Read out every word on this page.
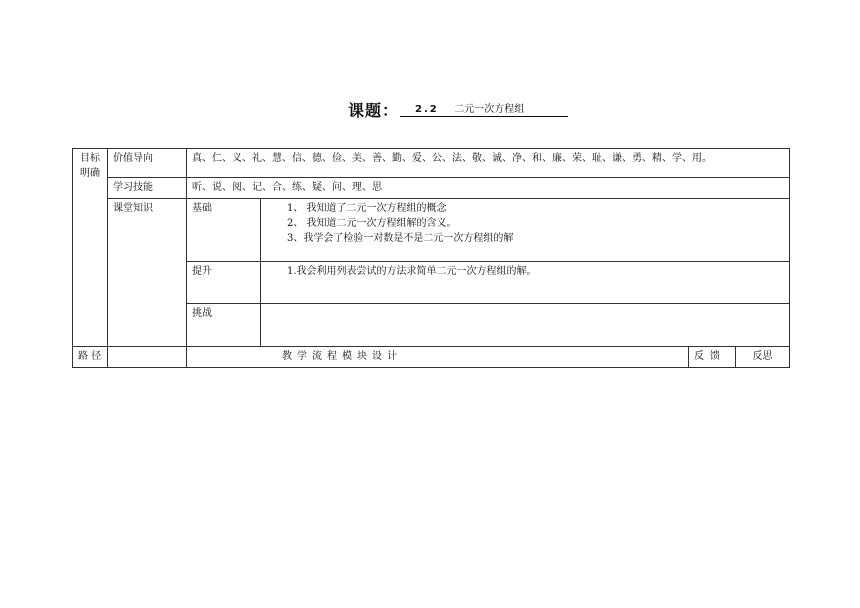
课题：	2.2 二元一次方程组
目标明确	价值导向	真、仁、义、礼、慧、信、德、俭、美、善、勤、爱、公、法、敬、诚、净、和、廉、荣、耻、谦、勇、精、学、用。			
	学习技能	听、说、阅、记、合、练、疑、问、理、思			
	课堂知识	基础	1、 我知道了二元一次方程组的概念
2、 我知道二元一次方程组解的含义。
3、我学会了检验一对数是不是二元一次方程组的解		

		提升	1.我会利用列表尝试的方法求简单二元一次方程组的解。		

		挑战			
路 径		教学流程模块设计		反馈	反思
